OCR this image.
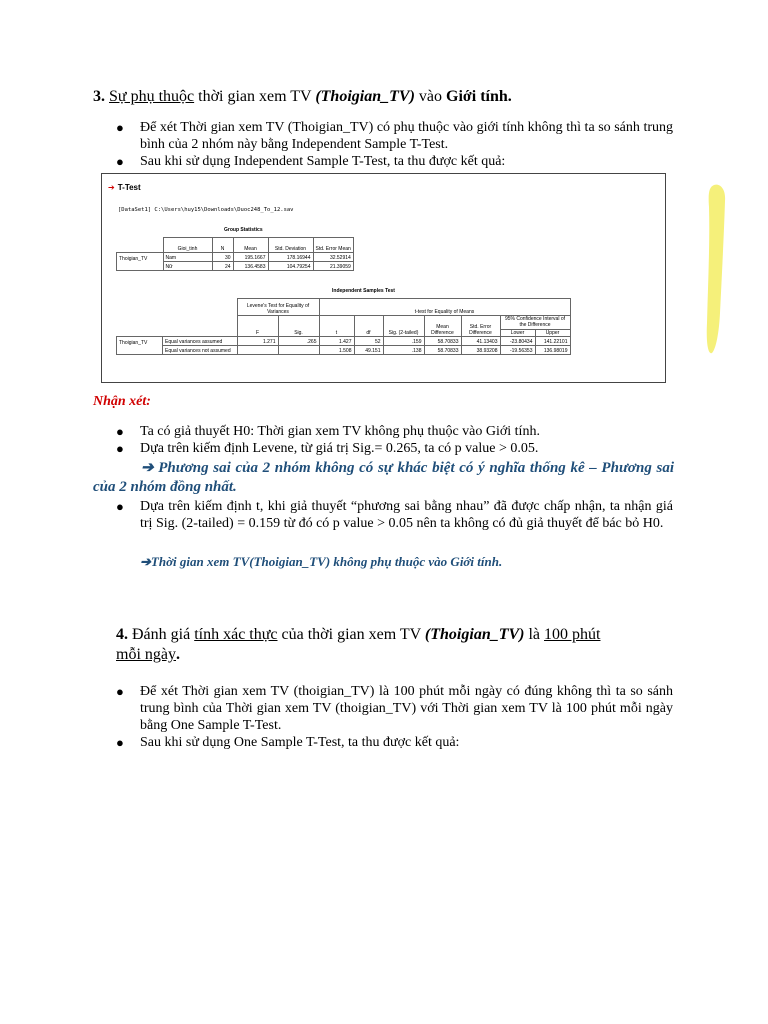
3. Sự phụ thuộc thời gian xem TV (Thoigian_TV) vào Giới tính.
● Để xét Thời gian xem TV (Thoigian_TV) có phụ thuộc vào giới tính không thì ta so sánh trung bình của 2 nhóm này bằng Independent Sample T-Test.
● Sau khi sử dụng Independent Sample T-Test, ta thu được kết quả:
➔ T-Test
[DataSet1] C:\Users\huy15\Downloads\Duoc248_To_12.sav
Group Statistics
	Gioi_tinh	N	Mean	Std. Deviation	Std. Error Mean
Thoigian_TV	Nam	30	195.1667	178.16944	32.52914
	Nữ	24	136.4583	104.79254	21.39059
Independent Samples Test
		Levene's Test for Equality of Variances		t-test for Equality of Means						
		F	Sig.	t	df	Sig. (2-tailed)	Mean Difference	Std. Error Difference	95% Confidence Interval of the Difference
Lower Upper	

Thoigian_TV	Equal variances assumed	1.271	.265	1.427	52	.159	58.70833	41.13403	-23.80434	141.22101
	Equal variances not assumed			1.508	49.151	.138	58.70833	38.93208	-19.56353	136.98019
Nhận xét:
● Ta có giả thuyết H0: Thời gian xem TV không phụ thuộc vào Giới tính.
● Dựa trên kiếm định Levene, từ giá trị Sig.= 0.265, ta có p value > 0.05.
➔ Phương sai của 2 nhóm không có sự khác biệt có ý nghĩa thống kê – Phương sai của 2 nhóm đồng nhất.
● Dựa trên kiếm định t, khi giả thuyết “phương sai bằng nhau” đã được chấp nhận, ta nhận giá trị Sig. (2-tailed) = 0.159 từ đó có p value > 0.05 nên ta không có đủ giả thuyết để bác bỏ H0.
➔Thời gian xem TV(Thoigian_TV) không phụ thuộc vào Giới tính.
4. Đánh giá tính xác thực của thời gian xem TV (Thoigian_TV) là 100 phút
mỗi ngày.
● Để xét Thời gian xem TV (thoigian_TV) là 100 phút mỗi ngày có đúng không thì ta so sánh trung bình của Thời gian xem TV (thoigian_TV) với Thời gian xem TV là 100 phút mỗi ngày bằng One Sample T-Test.
● Sau khi sử dụng One Sample T-Test, ta thu được kết quả:
